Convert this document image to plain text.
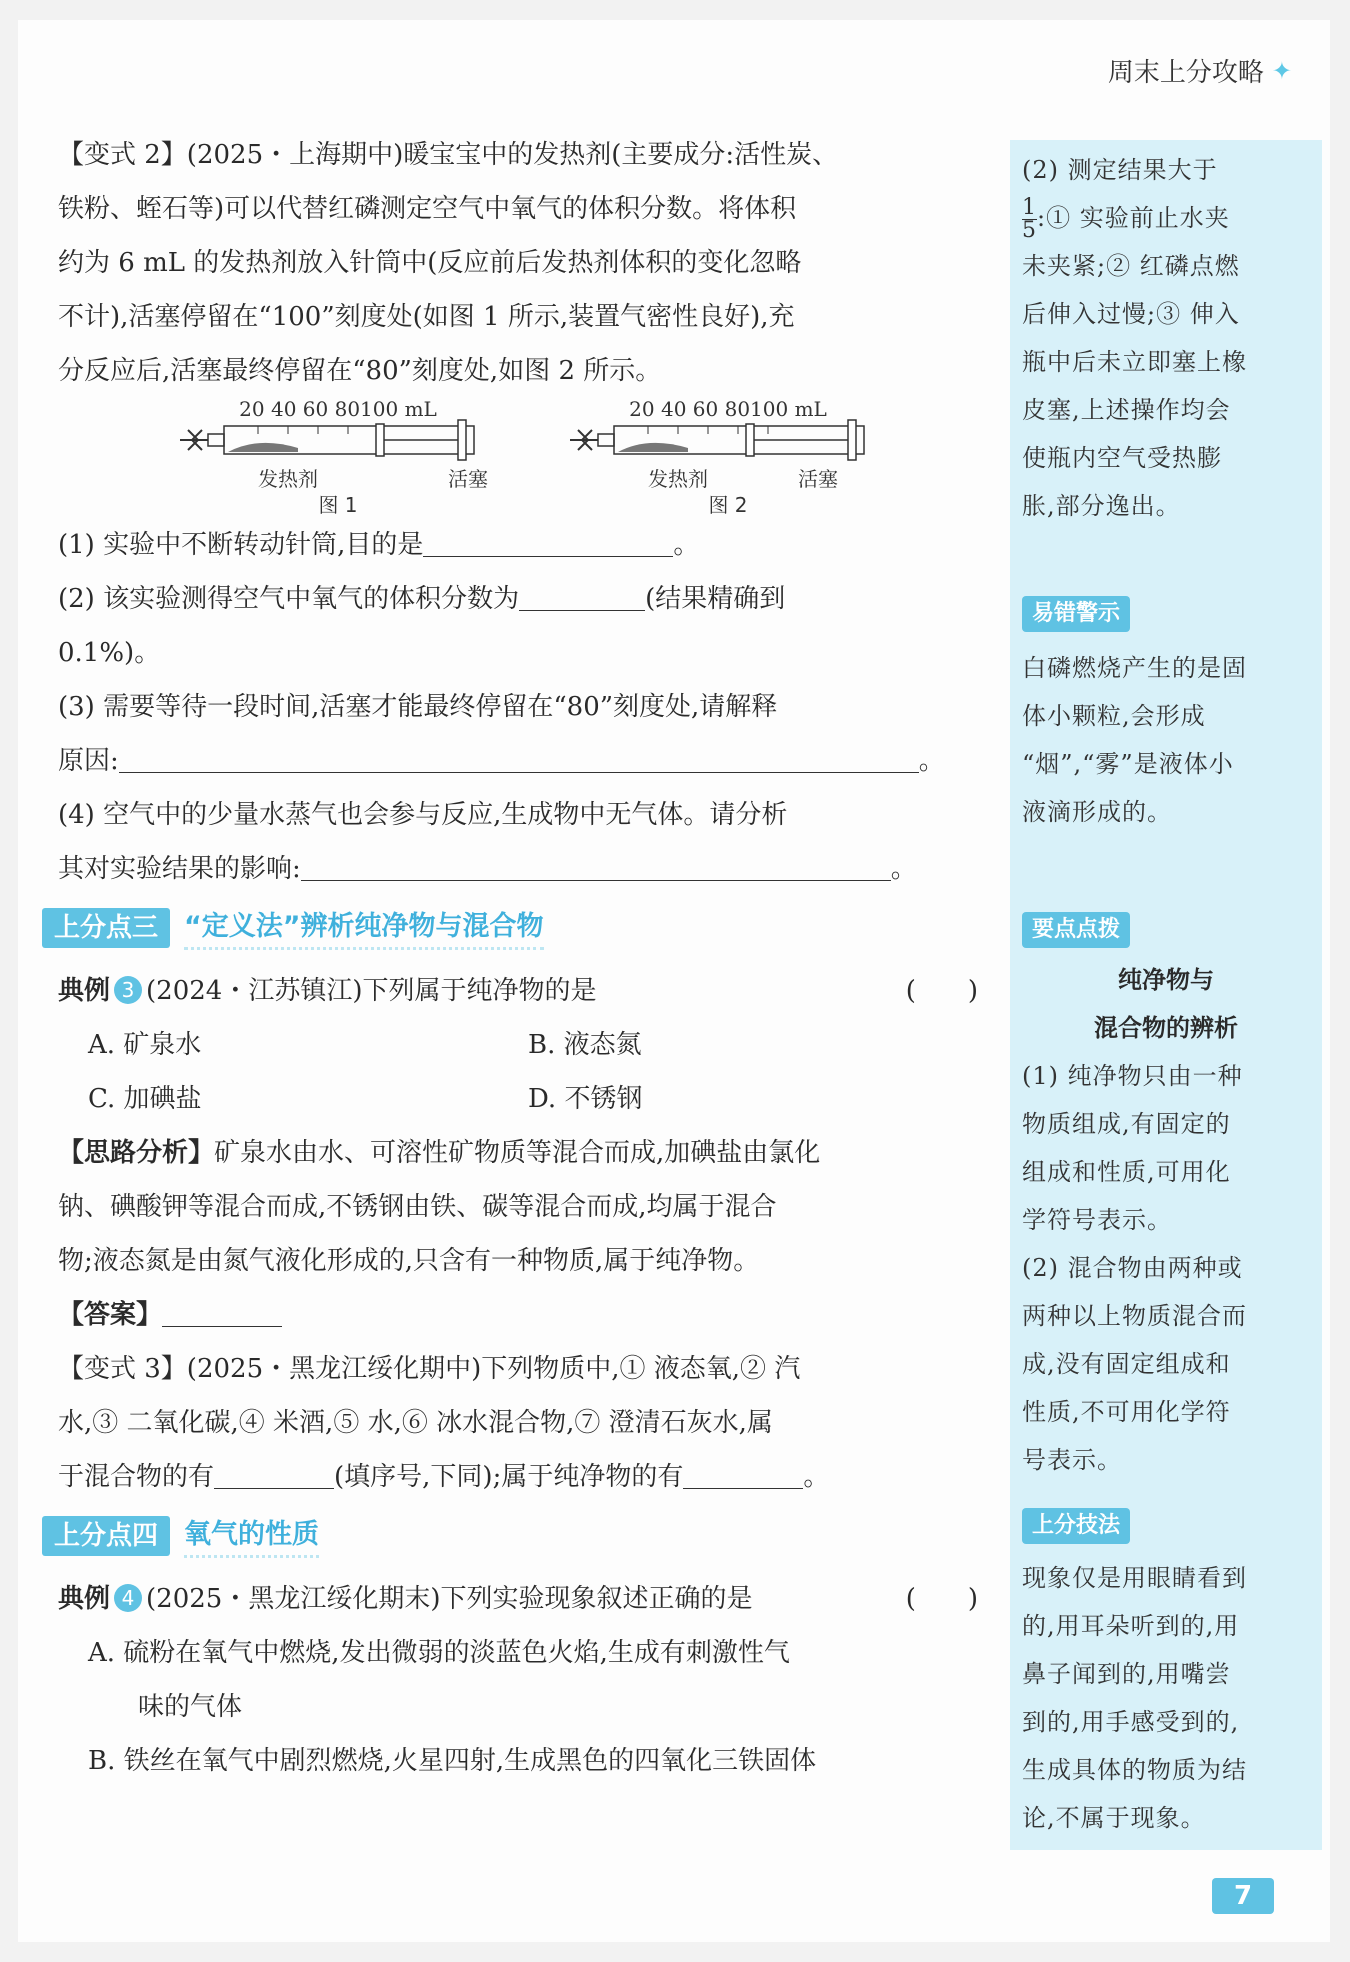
周末上分攻略 ✦
【变式 2】(2025・上海期中)暖宝宝中的发热剂(主要成分:活性炭、
铁粉、蛭石等)可以代替红磷测定空气中氧气的体积分数。将体积
约为 6 mL 的发热剂放入针筒中(反应前后发热剂体积的变化忽略
不计),活塞停留在“100”刻度处(如图 1 所示,装置气密性良好),充
分反应后,活塞最终停留在“80”刻度处,如图 2 所示。
20 40 60 80100 mL
发热剂	活塞
图 1
20 40 60 80100 mL
发热剂	活塞
图 2
(1) 实验中不断转动针筒,目的是	。
(2) 该实验测得空气中氧气的体积分数为	(结果精确到
0.1%)。
(3) 需要等待一段时间,活塞才能最终停留在“80”刻度处,请解释
原因:	。
(4) 空气中的少量水蒸气也会参与反应,生成物中无气体。请分析
其对实验结果的影响:	。
上分点三 “定义法”辨析纯净物与混合物
典例 3 (2024・江苏镇江)下列属于纯净物的是	(　　)
A. 矿泉水	B. 液态氮
C. 加碘盐	D. 不锈钢
【思路分析】矿泉水由水、可溶性矿物质等混合而成,加碘盐由氯化
钠、碘酸钾等混合而成,不锈钢由铁、碳等混合而成,均属于混合
物;液态氮是由氮气液化形成的,只含有一种物质,属于纯净物。
【答案】
【变式 3】(2025・黑龙江绥化期中)下列物质中,① 液态氧,② 汽
水,③ 二氧化碳,④ 米酒,⑤ 水,⑥ 冰水混合物,⑦ 澄清石灰水,属
于混合物的有	(填序号,下同);属于纯净物的有	。
上分点四 氧气的性质
典例 4 (2025・黑龙江绥化期末)下列实验现象叙述正确的是	(　　)
A. 硫粉在氧气中燃烧,发出微弱的淡蓝色火焰,生成有刺激性气
味的气体
B. 铁丝在氧气中剧烈燃烧,火星四射,生成黑色的四氧化三铁固体
(2) 测定结果大于
$\frac{1}{5}$ :① 实验前止水夹
未夹紧;② 红磷点燃
后伸入过慢;③ 伸入
瓶中后未立即塞上橡
皮塞,上述操作均会
使瓶内空气受热膨
胀,部分逸出。
易错警示
白磷燃烧产生的是固
体小颗粒,会形成
“烟”,“雾”是液体小
液滴形成的。
要点点拨
纯净物与
混合物的辨析
(1) 纯净物只由一种
物质组成,有固定的
组成和性质,可用化
学符号表示。
(2) 混合物由两种或
两种以上物质混合而
成,没有固定组成和
性质,不可用化学符
号表示。
上分技法
现象仅是用眼睛看到
的,用耳朵听到的,用
鼻子闻到的,用嘴尝
到的,用手感受到的,
生成具体的物质为结
论,不属于现象。
7
